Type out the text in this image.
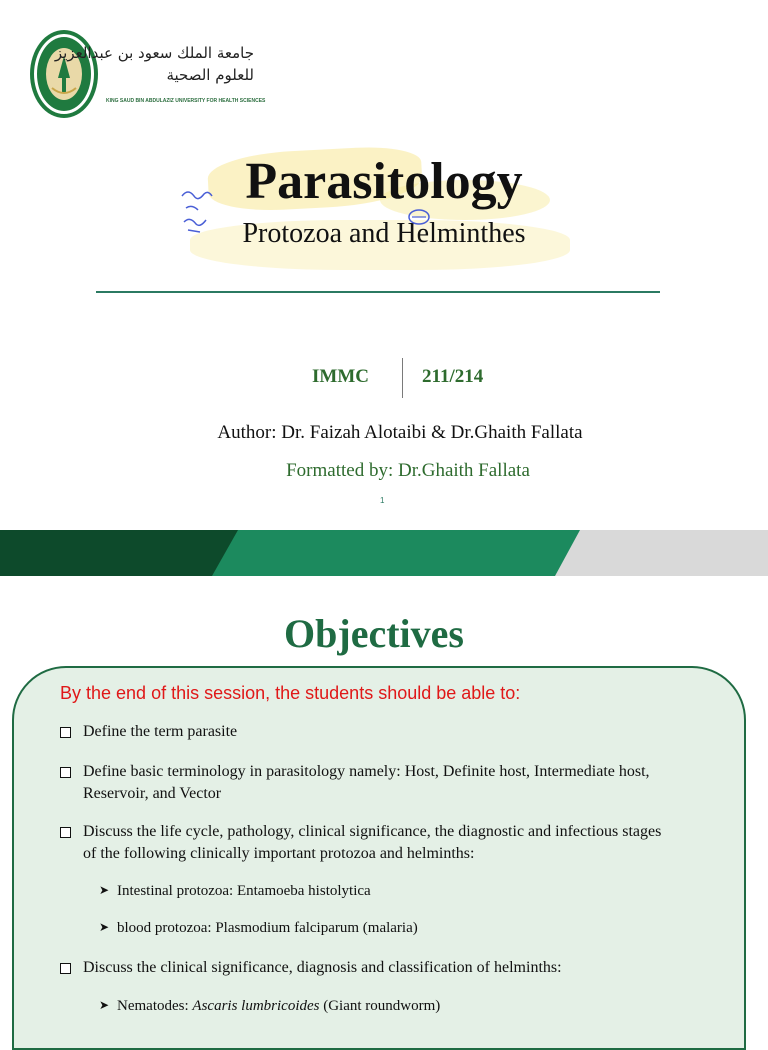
جامعة الملك سعود بن عبدالعزيز
للعلوم الصحية
KING SAUD BIN ABDULAZIZ UNIVERSITY FOR HEALTH SCIENCES
Parasitology
Protozoa and Helminthes
IMMC	211/214
Author: Dr. Faizah Alotaibi & Dr.Ghaith Fallata
Formatted by: Dr.Ghaith Fallata
1
Objectives
By the end of this session, the students should be able to:
Define the term parasite
Define basic terminology in parasitology namely: Host, Definite host, Intermediate host,
Reservoir, and Vector
Discuss the life cycle, pathology, clinical significance, the diagnostic and infectious stages
of the following clinically important protozoa and helminths:
➤ Intestinal protozoa: Entamoeba histolytica
➤ blood protozoa: Plasmodium falciparum (malaria)
Discuss the clinical significance, diagnosis and classification of helminths:
➤ Nematodes: Ascaris lumbricoides (Giant roundworm)
